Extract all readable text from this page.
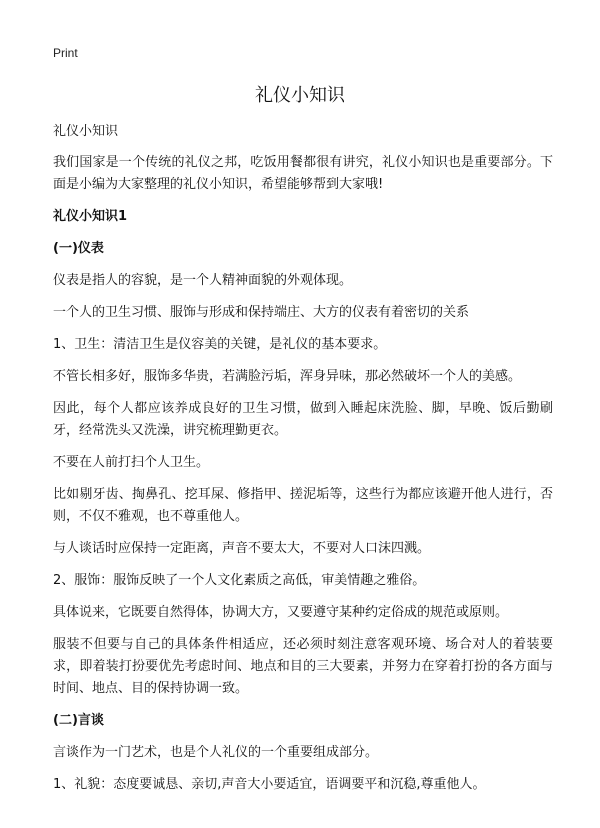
Print
礼仪小知识

礼仪小知识

我们国家是一个传统的礼仪之邦，吃饭用餐都很有讲究，礼仪小知识也是重要部分。下面是小编为大家整理的礼仪小知识，希望能够帮到大家哦!

礼仪小知识1

(一)仪表

仪表是指人的容貌，是一个人精神面貌的外观体现。

一个人的卫生习惯、服饰与形成和保持端庄、大方的仪表有着密切的关系

1、卫生：清洁卫生是仪容美的关键，是礼仪的基本要求。

不管长相多好，服饰多华贵，若满脸污垢，浑身异味，那必然破坏一个人的美感。

因此，每个人都应该养成良好的卫生习惯，做到入睡起床洗脸、脚，早晚、饭后勤刷牙，经常洗头又洗澡，讲究梳理勤更衣。

不要在人前打扫个人卫生。

比如剔牙齿、掏鼻孔、挖耳屎、修指甲、搓泥垢等，这些行为都应该避开他人进行，否则，不仅不雅观，也不尊重他人。

与人谈话时应保持一定距离，声音不要太大，不要对人口沫四溅。

2、服饰：服饰反映了一个人文化素质之高低，审美情趣之雅俗。

具体说来，它既要自然得体，协调大方，又要遵守某种约定俗成的规范或原则。

服装不但要与自己的具体条件相适应，还必须时刻注意客观环境、场合对人的着装要求，即着装打扮要优先考虑时间、地点和目的三大要素，并努力在穿着打扮的各方面与时间、地点、目的保持协调一致。

(二)言谈

言谈作为一门艺术，也是个人礼仪的一个重要组成部分。

1、礼貌：态度要诚恳、亲切,声音大小要适宜，语调要平和沉稳,尊重他人。
